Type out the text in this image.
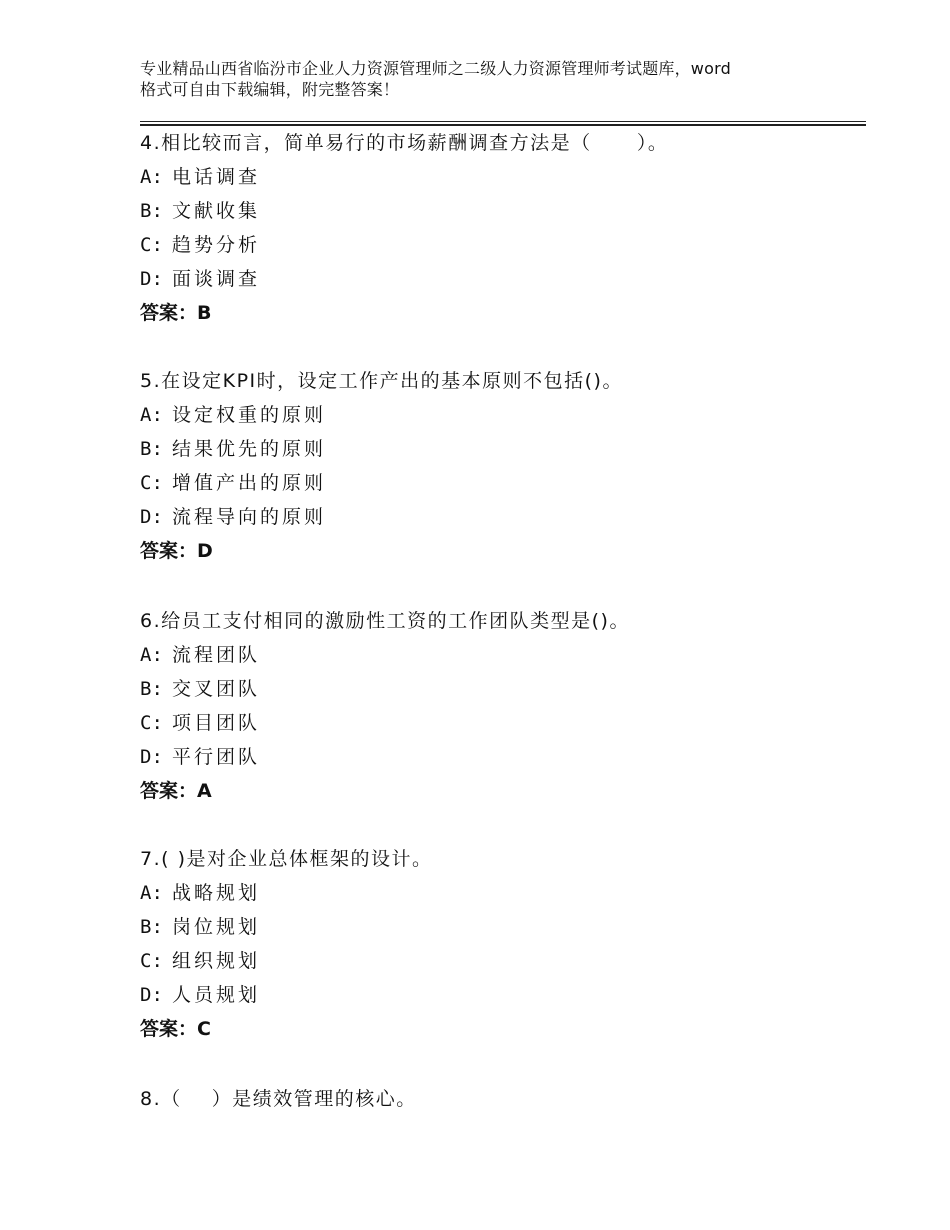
专业精品山西省临汾市企业人力资源管理师之二级人力资源管理师考试题库，word
格式可自由下载编辑，附完整答案！
4.相比较而言，简单易行的市场薪酬调查方法是（      ）。
A: 电话调查
B: 文献收集
C: 趋势分析
D: 面谈调查
答案：B
5.在设定KPI时，设定工作产出的基本原则不包括()。
A: 设定权重的原则
B: 结果优先的原则
C: 增值产出的原则
D: 流程导向的原则
答案：D
6.给员工支付相同的激励性工资的工作团队类型是()。
A: 流程团队
B: 交叉团队
C: 项目团队
D: 平行团队
答案：A
7.( )是对企业总体框架的设计。
A: 战略规划
B: 岗位规划
C: 组织规划
D: 人员规划
答案：C
8.（    ）是绩效管理的核心。
